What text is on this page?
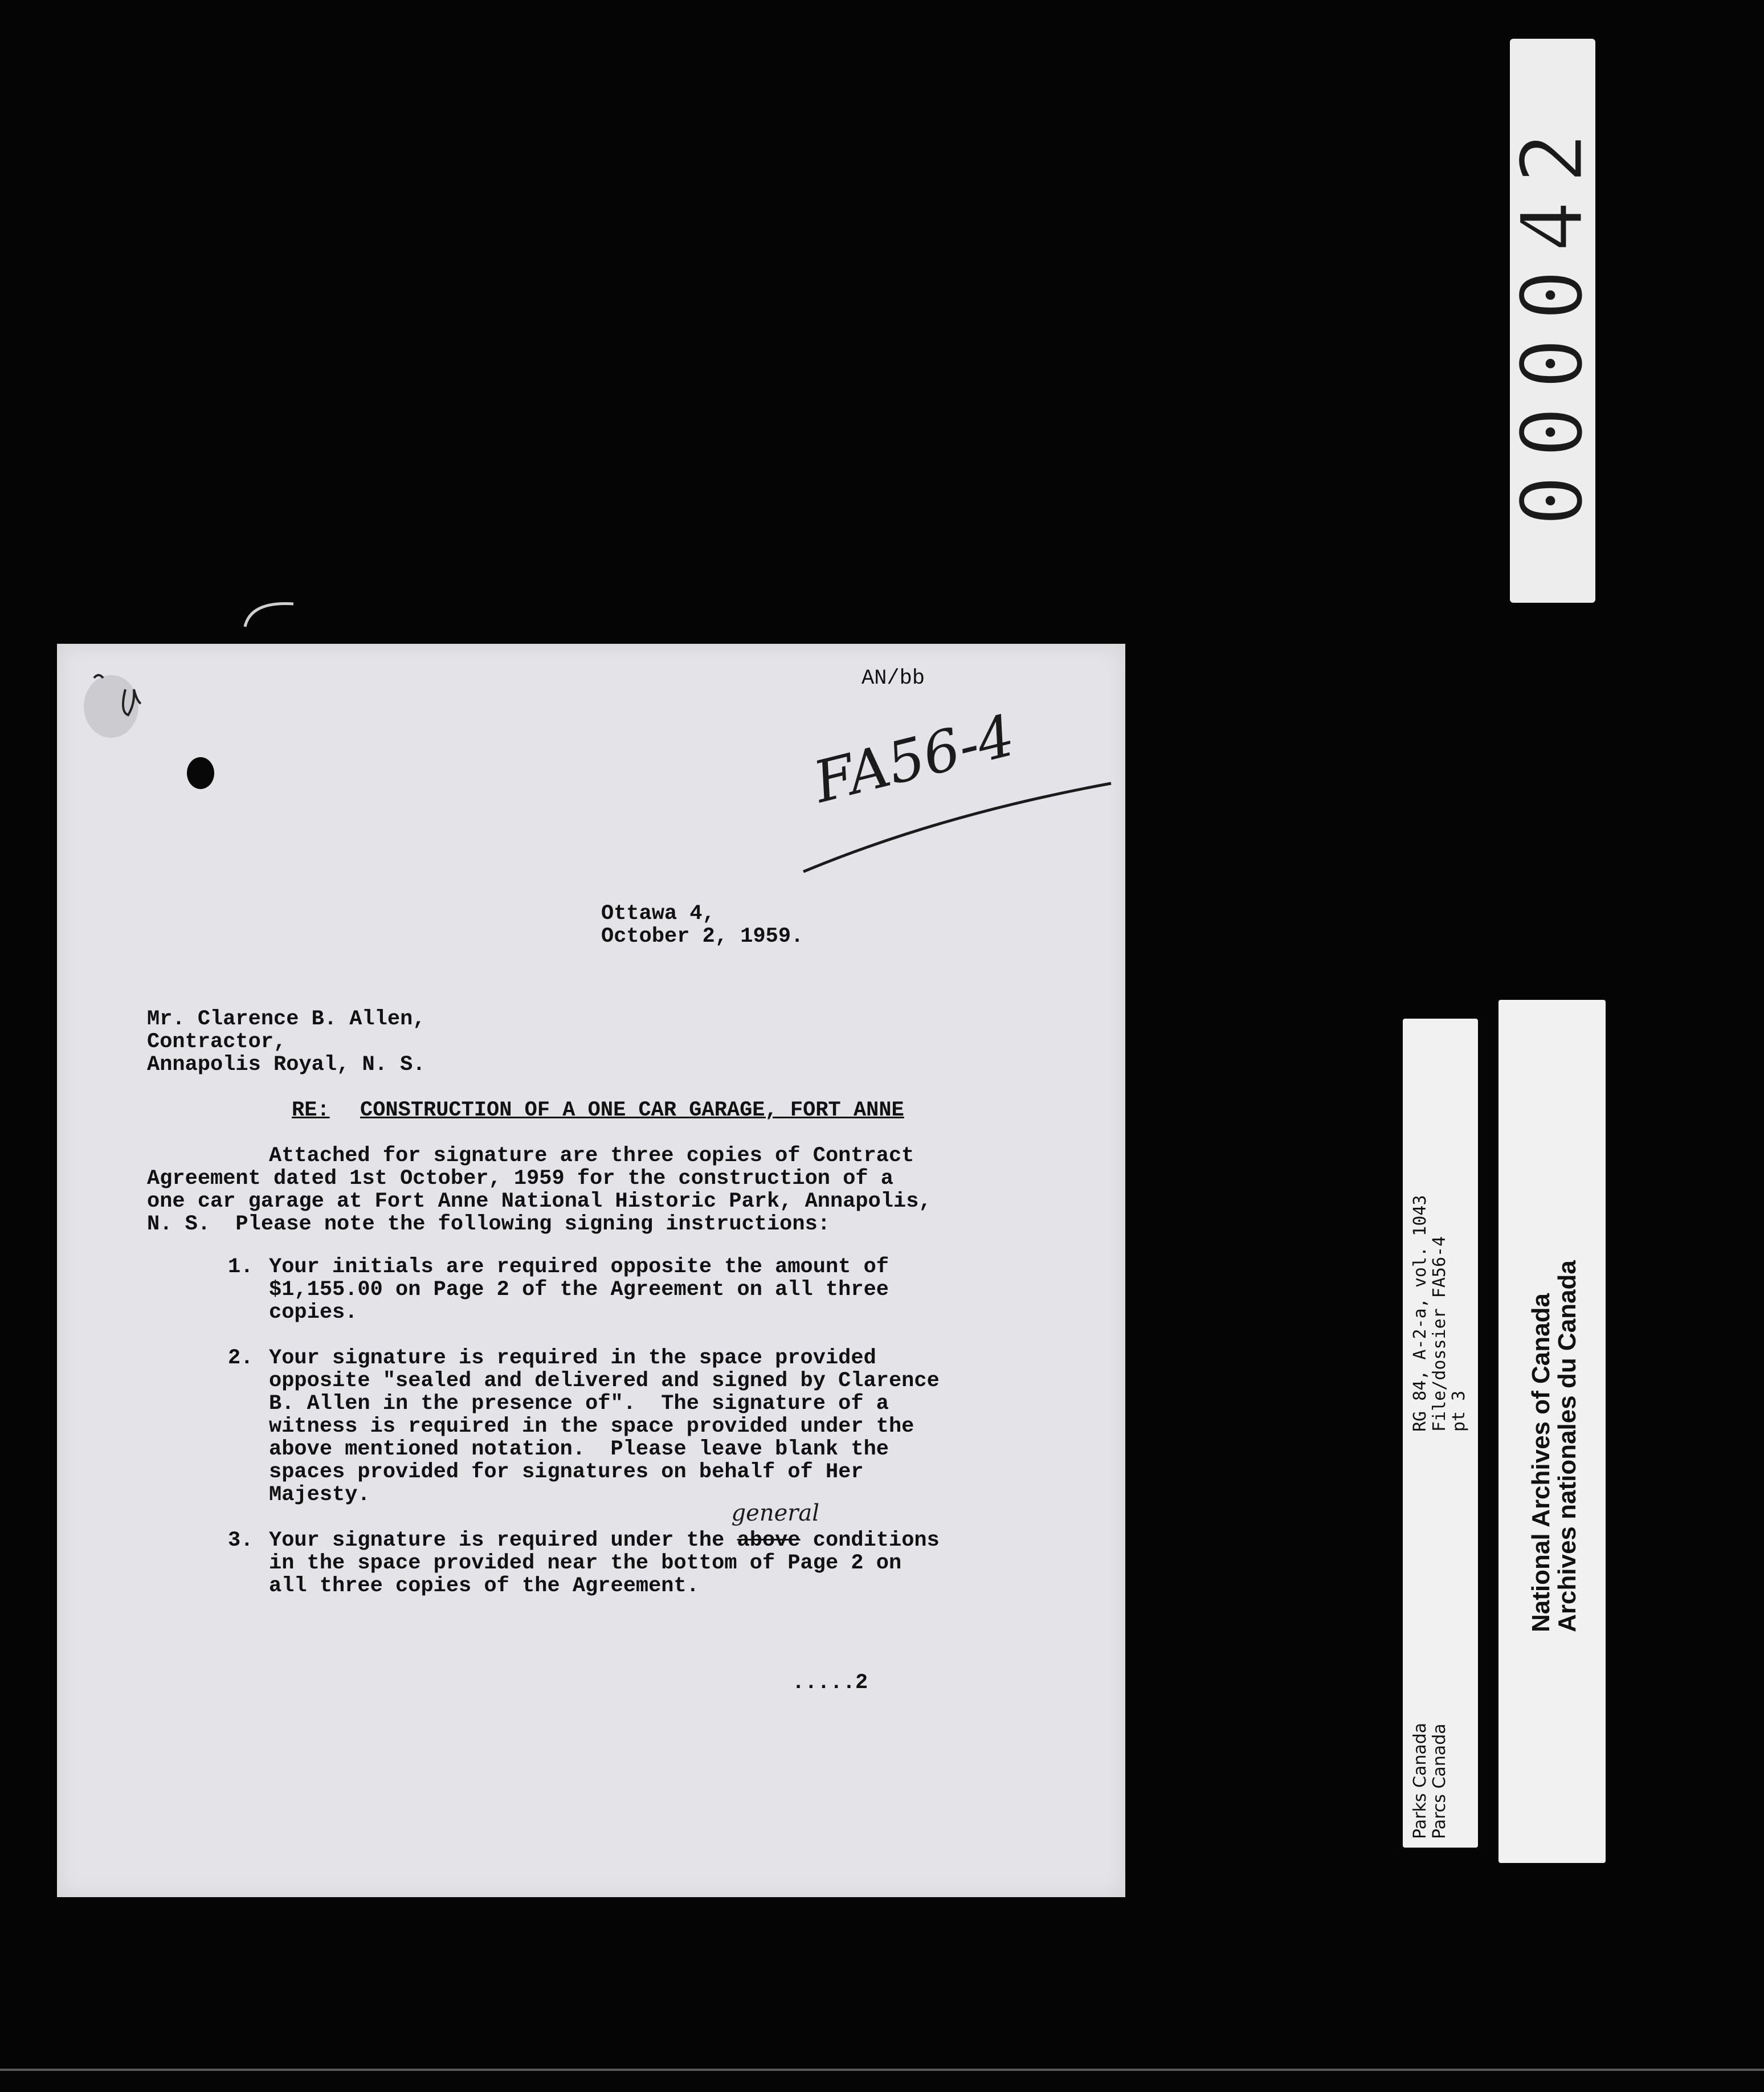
000042
AN/bb
FA56-4
Ottawa 4,
October 2, 1959.
Mr. Clarence B. Allen,
Contractor,
Annapolis Royal, N. S.
RE: CONSTRUCTION OF A ONE CAR GARAGE, FORT ANNE
Attached for signature are three copies of Contract
Agreement dated 1st October, 1959 for the construction of a
one car garage at Fort Anne National Historic Park, Annapolis,
N. S.  Please note the following signing instructions:
1. Your initials are required opposite the amount of
$1,155.00 on Page 2 of the Agreement on all three
copies.
2. Your signature is required in the space provided
opposite "sealed and delivered and signed by Clarence
B. Allen in the presence of".  The signature of a
witness is required in the space provided under the
above mentioned notation.  Please leave blank the
spaces provided for signatures on behalf of Her
Majesty.
3. Your signature is required under the
general
above conditions
in the space provided near the bottom of Page 2 on
all three copies of the Agreement.
.....2
RG 84, A-2-a, vol. 1043
File/dossier FA56-4
pt 3
Parks Canada
Parcs Canada
National Archives of Canada
Archives nationales du Canada
